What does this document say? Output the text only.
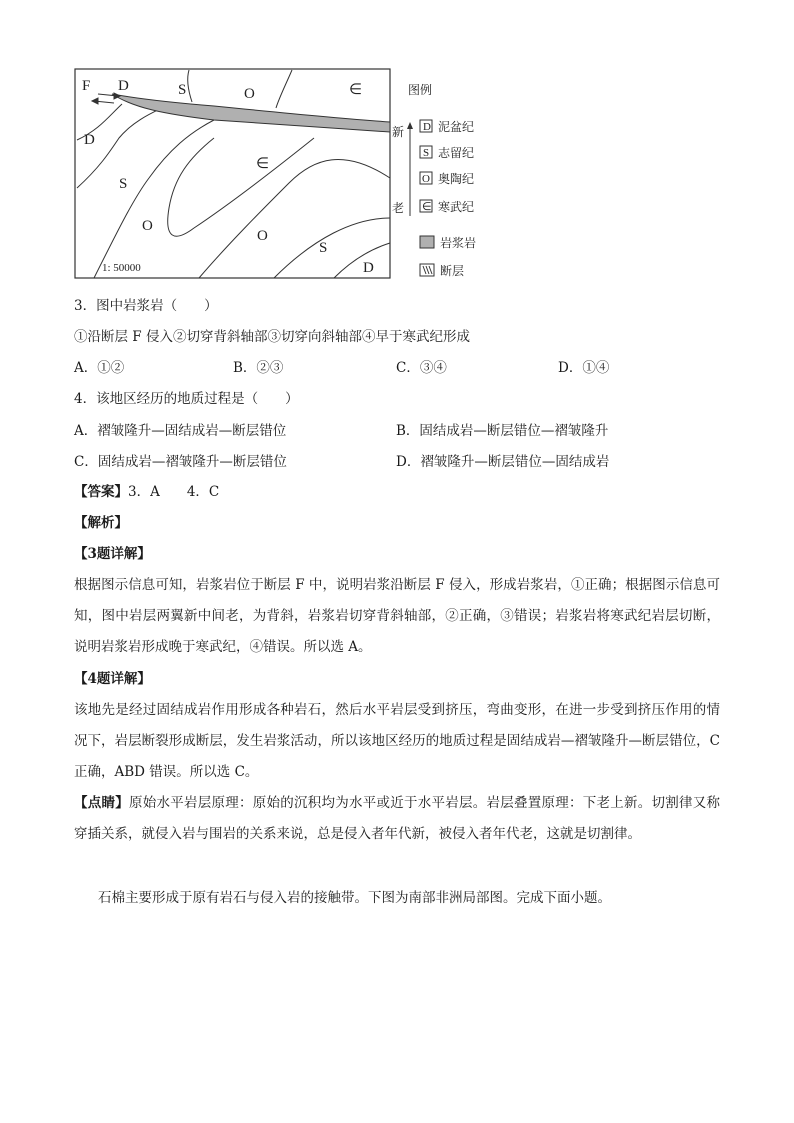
F D	S	O	∈
D
S
∈
O
O
S
D
1: 50000
图例
新
老
D
S
O
∈
泥盆纪
志留纪
奥陶纪
寒武纪
岩浆岩
断层
3．图中岩浆岩（　　）
①沿断层 F 侵入②切穿背斜轴部③切穿向斜轴部④早于寒武纪形成
A．①②	B．②③	C．③④	D．①④
4．该地区经历的地质过程是（　　）
A．褶皱隆升—固结成岩—断层错位	B．固结成岩—断层错位—褶皱隆升
C．固结成岩—褶皱隆升—断层错位	D．褶皱隆升—断层错位—固结成岩
【答案】3．A　　4．C
【解析】
【3题详解】
根据图示信息可知，岩浆岩位于断层 F 中，说明岩浆沿断层 F 侵入，形成岩浆岩，①正确；根据图示信息可知，图中岩层两翼新中间老，为背斜，岩浆岩切穿背斜轴部，②正确，③错误；岩浆岩将寒武纪岩层切断，说明岩浆岩形成晚于寒武纪，④错误。所以选 A。
【4题详解】
该地先是经过固结成岩作用形成各种岩石，然后水平岩层受到挤压，弯曲变形，在进一步受到挤压作用的情况下，岩层断裂形成断层，发生岩浆活动，所以该地区经历的地质过程是固结成岩—褶皱隆升—断层错位，C 正确，ABD 错误。所以选 C。
【点睛】原始水平岩层原理：原始的沉积均为水平或近于水平岩层。岩层叠置原理：下老上新。切割律又称穿插关系，就侵入岩与围岩的关系来说，总是侵入者年代新，被侵入者年代老，这就是切割律。
石棉主要形成于原有岩石与侵入岩的接触带。下图为南部非洲局部图。完成下面小题。
